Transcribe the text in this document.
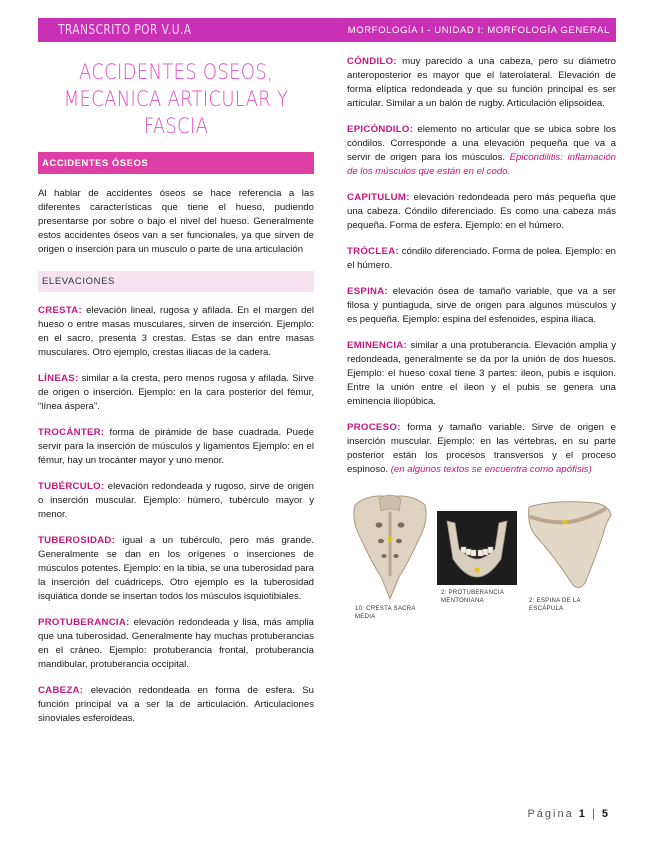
TRANSCRITO POR V.U.A	MORFOLOGÍA I - UNIDAD I: MORFOLOGÍA GENERAL
ACCIDENTES OSEOS, MECANICA ARTICULAR Y FASCIA
ACCIDENTES ÓSEOS

Al hablar de accidentes óseos se hace referencia a las diferentes características que tiene el hueso, pudiendo presentarse por sobre o bajo el nivel del hueso. Generalmente estos accidentes óseos van a ser funcionales, ya que sirven de origen o inserción para un musculo o parte de una articulación

ELEVACIONES
CRESTA: elevación lineal, rugosa y afilada. En el margen del hueso o entre masas musculares, sirven de inserción. Ejemplo: en el sacro, presenta 3 crestas. Estas se dan entre masas musculares. Otro ejemplo, crestas iliacas de la cadera.
LÍNEAS: similar a la cresta, pero menos rugosa y afilada. Sirve de origen o inserción. Ejemplo: en la cara posterior del fémur, “línea áspera”.
TROCÁNTER: forma de pirámide de base cuadrada. Puede servir para la inserción de músculos y ligamentos Ejemplo: en el fémur, hay un trocánter mayor y uno menor.
TUBÉRCULO: elevación redondeada y rugoso, sirve de origen o inserción muscular. Ejemplo: húmero, tubérculo mayor y menor.
TUBEROSIDAD: igual a un tubérculo, pero más grande. Generalmente se dan en los orígenes o inserciones de músculos potentes. Ejemplo: en la tibia, se una tuberosidad para la inserción del cuádriceps. Otro ejemplo es la tuberosidad isquiática donde se insertan todos los músculos isquiotibiales.
PROTUBERANCIA: elevación redondeada y lisa, más amplia que una tuberosidad. Generalmente hay muchas protuberancias en el cráneo. Ejemplo: protuberancia frontal, protuberancia mandibular, protuberancia occipital.
CABEZA: elevación redondeada en forma de esfera. Su función principal va a ser la de articulación. Articulaciones sinoviales esferoideas.
CÓNDILO: muy parecido a una cabeza, pero su diámetro anteroposterior es mayor que el laterolateral. Elevación de forma elíptica redondeada y que su función principal es ser articular. Similar a un balón de rugby. Articulación elipsoidea.
EPICÓNDILO: elemento no articular que se ubica sobre los cóndilos. Corresponde a una elevación pequeña que va a servir de origen para los músculos. Epicondilitis: inflamación de los músculos que están en el codo.
CAPITULUM: elevación redondeada pero más pequeña que una cabeza. Cóndilo diferenciado. Es como una cabeza más pequeña. Forma de esfera. Ejemplo: en el húmero.
TRÓCLEA: cóndilo diferenciado. Forma de polea. Ejemplo: en el húmero.
ESPINA: elevación ósea de tamaño variable, que va a ser filosa y puntiaguda, sirve de origen para algunos músculos y es pequeña. Ejemplo: espina del esfenoides, espina iliaca.
EMINENCIA: similar a una protuberancia. Elevación amplia y redondeada, generalmente se da por la unión de dos huesos. Ejemplo: el hueso coxal tiene 3 partes: ileon, pubis e isquion. Entre la unión entre el ileon y el pubis se genera una eminencia iliopúbica.
PROCESO: forma y tamaño variable. Sirve de origen e inserción muscular. Ejemplo: en las vértebras, en su parte posterior están los procesos transversos y el proceso espinoso. (en algunos textos se encuentra como apófisis)
10: CRESTA SACRA MEDIA
2: PROTUBERANCIA MENTONIANA	2: ESPINA DE LA ESCÁPULA
Página 1 | 5
